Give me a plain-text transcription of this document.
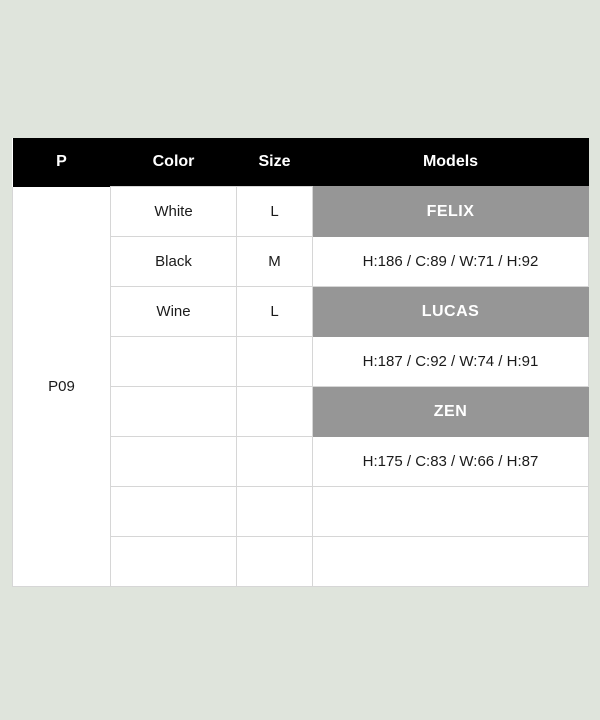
P	Color	Size	Models
P09	White	L	FELIX
	Black	M	H:186 / C:89 / W:71 / H:92
	Wine	L	LUCAS
			H:187 / C:92 / W:74 / H:91
			ZEN
			H:175 / C:83 / W:66 / H:87
